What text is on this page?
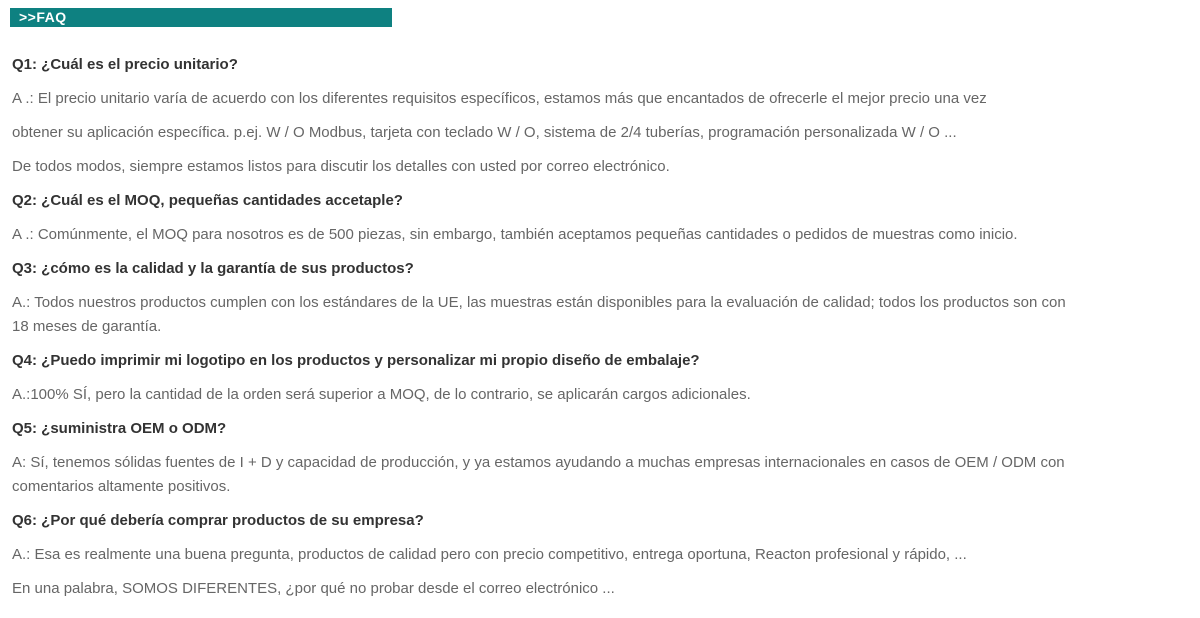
>>FAQ

Q1: ¿Cuál es el precio unitario?

A .: El precio unitario varía de acuerdo con los diferentes requisitos específicos, estamos más que encantados de ofrecerle el mejor precio una vez

obtener su aplicación específica. p.ej. W / O Modbus, tarjeta con teclado W / O, sistema de 2/4 tuberías, programación personalizada W / O ...

De todos modos, siempre estamos listos para discutir los detalles con usted por correo electrónico.

Q2: ¿Cuál es el MOQ, pequeñas cantidades accetaple?

A .: Comúnmente, el MOQ para nosotros es de 500 piezas, sin embargo, también aceptamos pequeñas cantidades o pedidos de muestras como inicio.

Q3: ¿cómo es la calidad y la garantía de sus productos?

A.: Todos nuestros productos cumplen con los estándares de la UE, las muestras están disponibles para la evaluación de calidad; todos los productos son con
18 meses de garantía.

Q4: ¿Puedo imprimir mi logotipo en los productos y personalizar mi propio diseño de embalaje?

A.:100% SÍ, pero la cantidad de la orden será superior a MOQ, de lo contrario, se aplicarán cargos adicionales.

Q5: ¿suministra OEM o ODM?

A: Sí, tenemos sólidas fuentes de I + D y capacidad de producción, y ya estamos ayudando a muchas empresas internacionales en casos de OEM / ODM con
comentarios altamente positivos.

Q6: ¿Por qué debería comprar productos de su empresa?

A.: Esa es realmente una buena pregunta, productos de calidad pero con precio competitivo, entrega oportuna, Reacton profesional y rápido, ...

En una palabra, SOMOS DIFERENTES, ¿por qué no probar desde el correo electrónico ...
